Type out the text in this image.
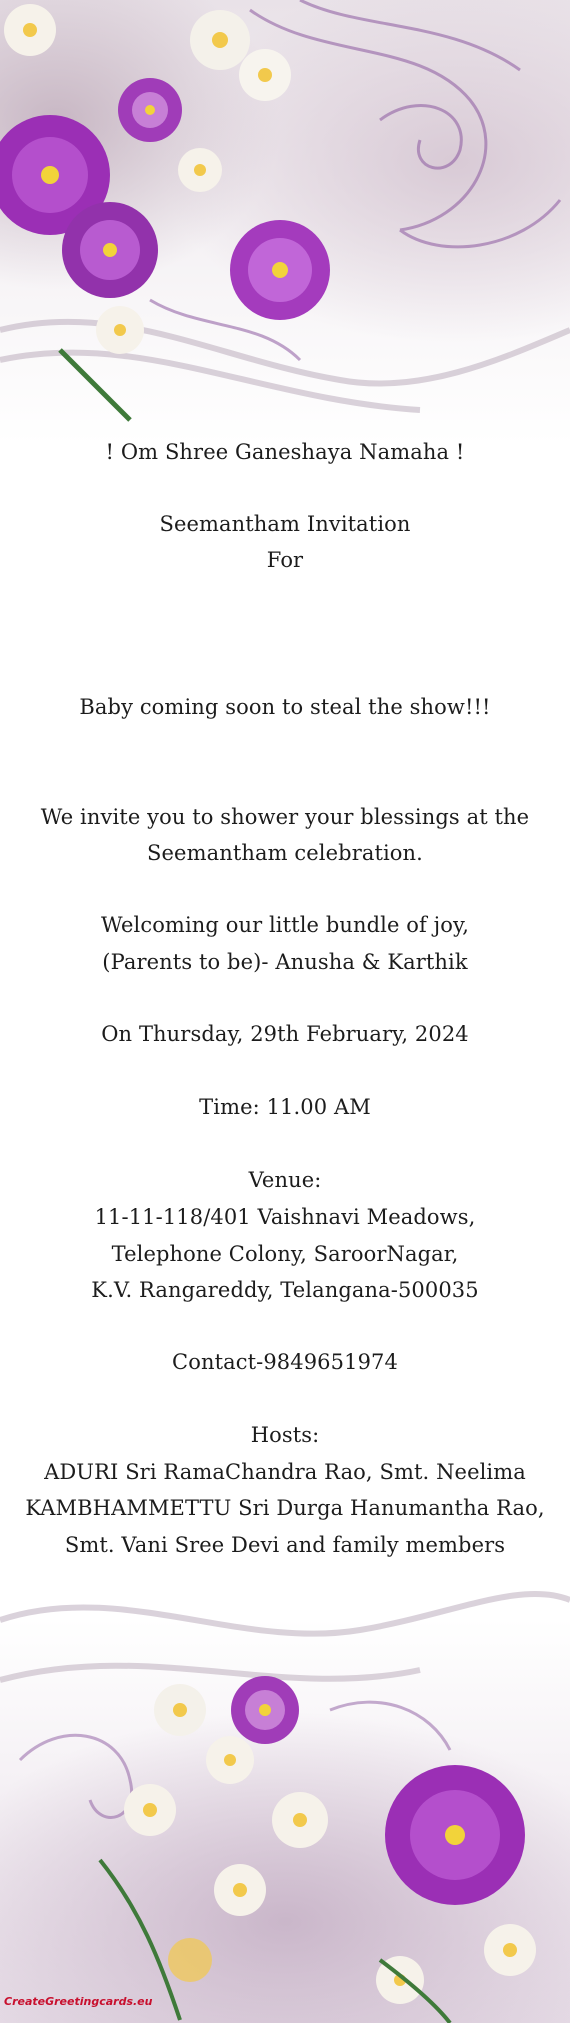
! Om Shree Ganeshaya Namaha !
Seemantham Invitation
For
Baby coming soon to steal the show!!!
We invite you to shower your blessings at the
Seemantham celebration.
Welcoming our little bundle of joy,
(Parents to be)- Anusha & Karthik
On Thursday, 29th February, 2024
Time: 11.00 AM
Venue:
11-11-118/401 Vaishnavi Meadows,
Telephone Colony, SaroorNagar,
K.V. Rangareddy, Telangana-500035
Contact-9849651974
Hosts:
ADURI Sri RamaChandra Rao, Smt. Neelima
KAMBHAMMETTU Sri Durga Hanumantha Rao,
Smt. Vani Sree Devi and family members
CreateGreetingcards.eu
